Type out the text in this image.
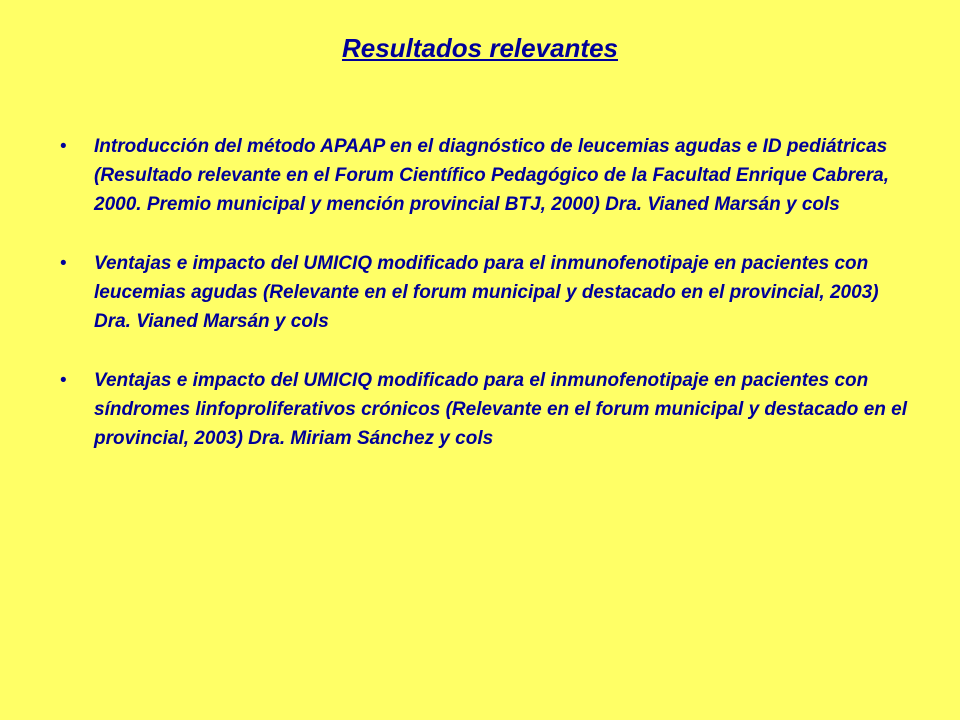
Resultados relevantes
•	Introducción del método APAAP en el diagnóstico de leucemias agudas e ID pediátricas (Resultado relevante en el Forum Científico Pedagógico de la Facultad Enrique Cabrera, 2000. Premio municipal y mención provincial BTJ, 2000) Dra. Vianed Marsán y cols
•	Ventajas e impacto del UMICIQ modificado para el inmunofenotipaje en pacientes con leucemias agudas (Relevante en el forum municipal y destacado en el provincial, 2003) Dra. Vianed Marsán y cols
•	Ventajas e impacto del UMICIQ modificado para el inmunofenotipaje en pacientes con síndromes linfoproliferativos crónicos (Relevante en el forum municipal y destacado en el provincial, 2003) Dra. Miriam Sánchez y cols
